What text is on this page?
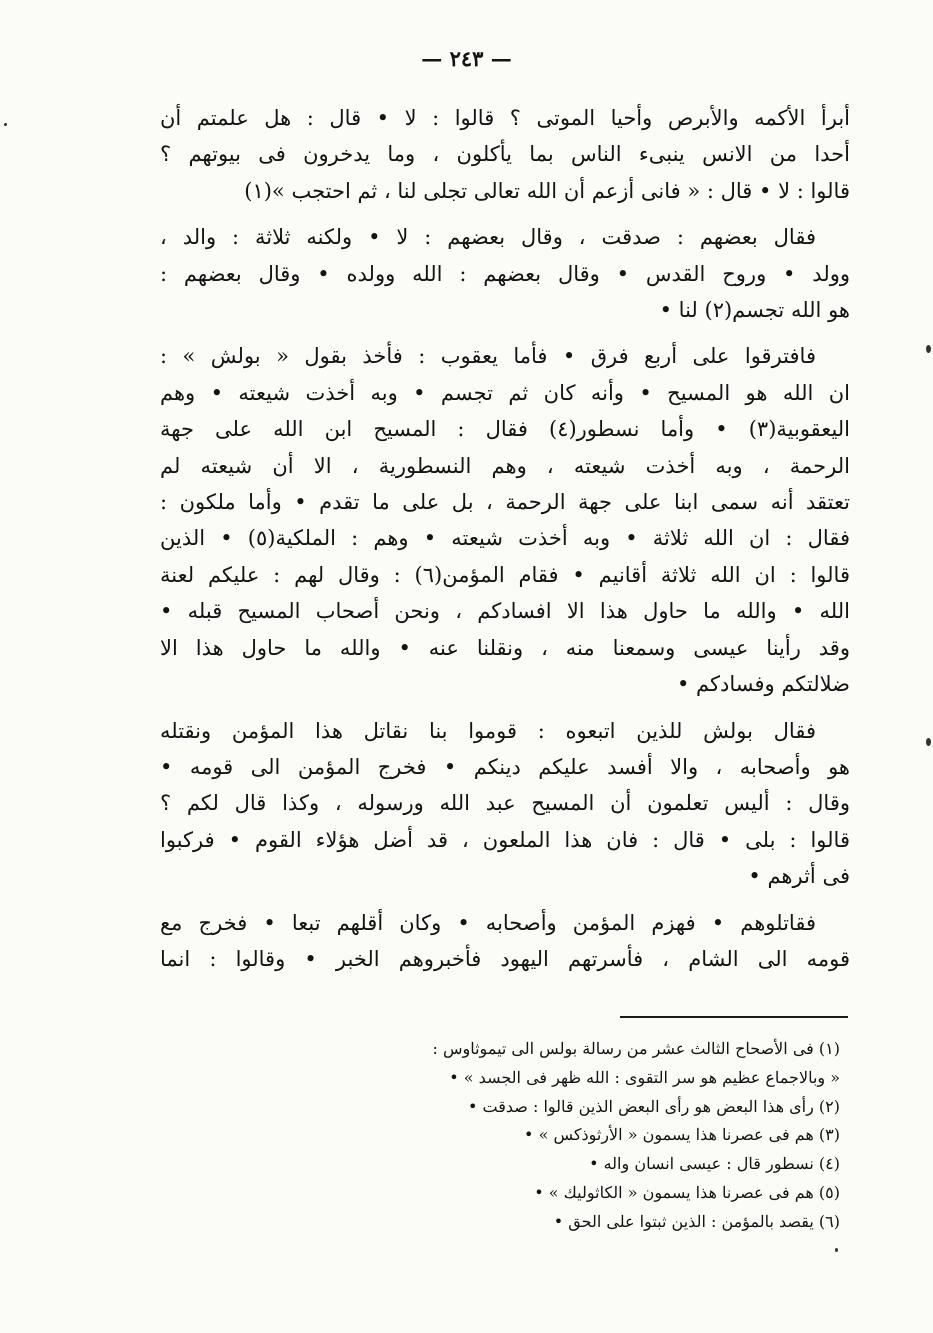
— ٢٤٣ —

أبرأ الأكمه والأبرص وأحيا الموتى ؟ قالوا : لا • قال : هل علمتم أن
أحدا من الانس ينبىء الناس بما يأكلون ، وما يدخرون فى بيوتهم ؟
قالوا : لا • قال : « فانى أزعم أن الله تعالى تجلى لنا ، ثم احتجب »(١)

فقال بعضهم : صدقت ، وقال بعضهم : لا • ولكنه ثلاثة : والد ،
وولد • وروح القدس • وقال بعضهم : الله وولده • وقال بعضهم :
هو الله تجسم(٢) لنا •

فافترقوا على أربع فرق • فأما يعقوب : فأخذ بقول « بولش » :
ان الله هو المسيح • وأنه كان ثم تجسم • وبه أخذت شيعته • وهم
اليعقوبية(٣) • وأما نسطور(٤) فقال : المسيح ابن الله على جهة
الرحمة ، وبه أخذت شيعته ، وهم النسطورية ، الا أن شيعته لم
تعتقد أنه سمى ابنا على جهة الرحمة ، بل على ما تقدم • وأما ملكون :
فقال : ان الله ثلاثة • وبه أخذت شيعته • وهم : الملكية(٥) • الذين
قالوا : ان الله ثلاثة أقانيم • فقام المؤمن(٦) : وقال لهم : عليكم لعنة
الله • والله ما حاول هذا الا افسادكم ، ونحن أصحاب المسيح قبله •
وقد رأينا عيسى وسمعنا منه ، ونقلنا عنه • والله ما حاول هذا الا
ضلالتكم وفسادكم •

فقال بولش للذين اتبعوه : قوموا بنا نقاتل هذا المؤمن ونقتله
هو وأصحابه ، والا أفسد عليكم دينكم • فخرج المؤمن الى قومه •
وقال : أليس تعلمون أن المسيح عبد الله ورسوله ، وكذا قال لكم ؟
قالوا : بلى • قال : فان هذا الملعون ، قد أضل هؤلاء القوم • فركبوا
فى أثرهم •

فقاتلوهم • فهزم المؤمن وأصحابه • وكان أقلهم تبعا • فخرج مع
قومه الى الشام ، فأسرتهم اليهود فأخبروهم الخبر • وقالوا : انما

(١) فى الأصحاح الثالث عشر من رسالة بولس الى تيموثاوس :

« وبالاجماع عظيم هو سر التقوى : الله ظهر فى الجسد » •

(٢) رأى هذا البعض هو رأى البعض الذين قالوا : صدقت •

(٣) هم فى عصرنا هذا يسمون « الأرثوذكس » •

(٤) نسطور قال : عيسى انسان واله •

(٥) هم فى عصرنا هذا يسمون « الكاثوليك » •

(٦) يقصد بالمؤمن : الذين ثبتوا على الحق •
